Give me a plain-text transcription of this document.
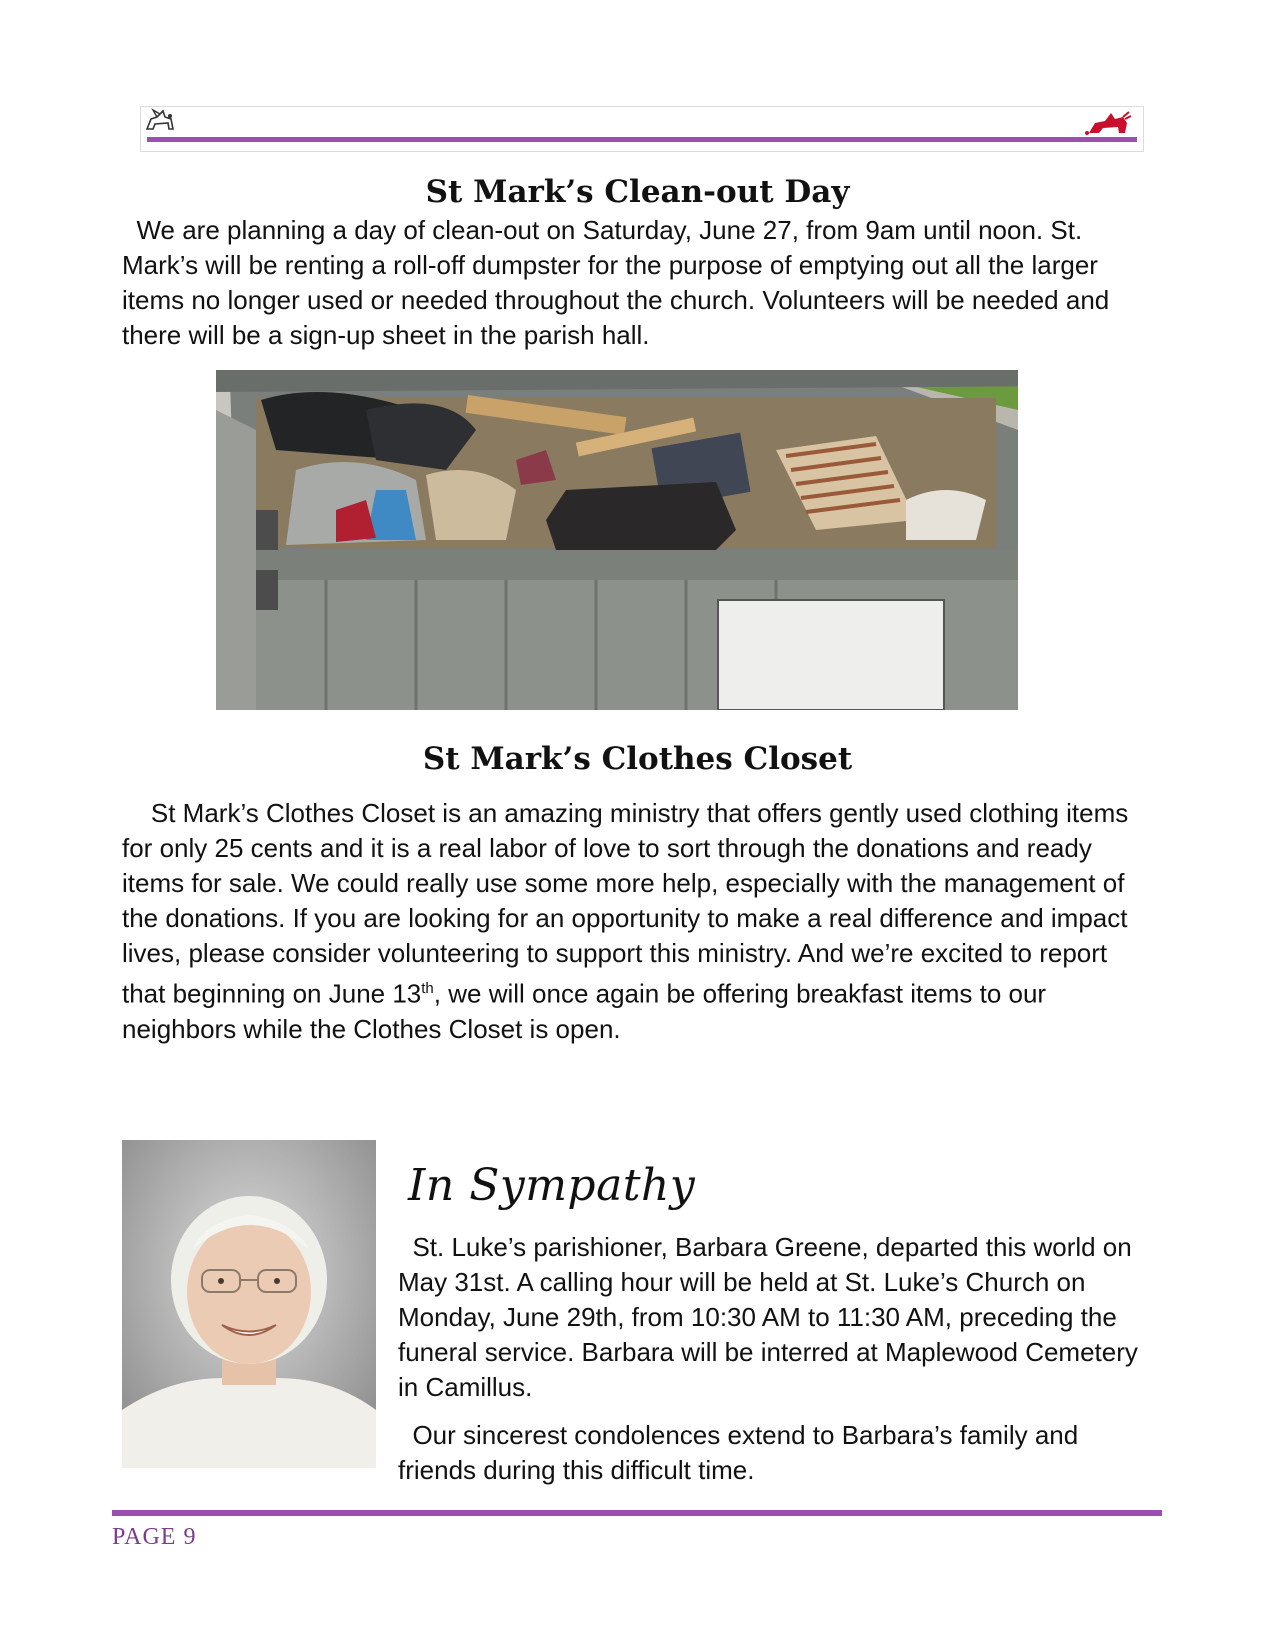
St Mark’s Clean-out Day

We are planning a day of clean-out on Saturday, June 27, from 9am until noon. St. Mark’s will be renting a roll-off dumpster for the purpose of emptying out all the larger items no longer used or needed throughout the church. Volunteers will be needed and there will be a sign-up sheet in the parish hall.

St Mark’s Clothes Closet

St Mark’s Clothes Closet is an amazing ministry that offers gently used clothing items for only 25 cents and it is a real labor of love to sort through the donations and ready items for sale. We could really use some more help, especially with the management of the donations. If you are looking for an opportunity to make a real difference and impact lives, please consider volunteering to support this ministry. And we’re excited to report that beginning on June 13th, we will once again be offering breakfast items to our neighbors while the Clothes Closet is open.

In Sympathy

St. Luke’s parishioner, Barbara Greene, departed this world on May 31st. A calling hour will be held at St. Luke’s Church on Monday, June 29th, from 10:30 AM to 11:30 AM, preceding the funeral service. Barbara will be interred at Maplewood Cemetery in Camillus.

Our sincerest condolences extend to Barbara’s family and friends during this difficult time.

PAGE 9
